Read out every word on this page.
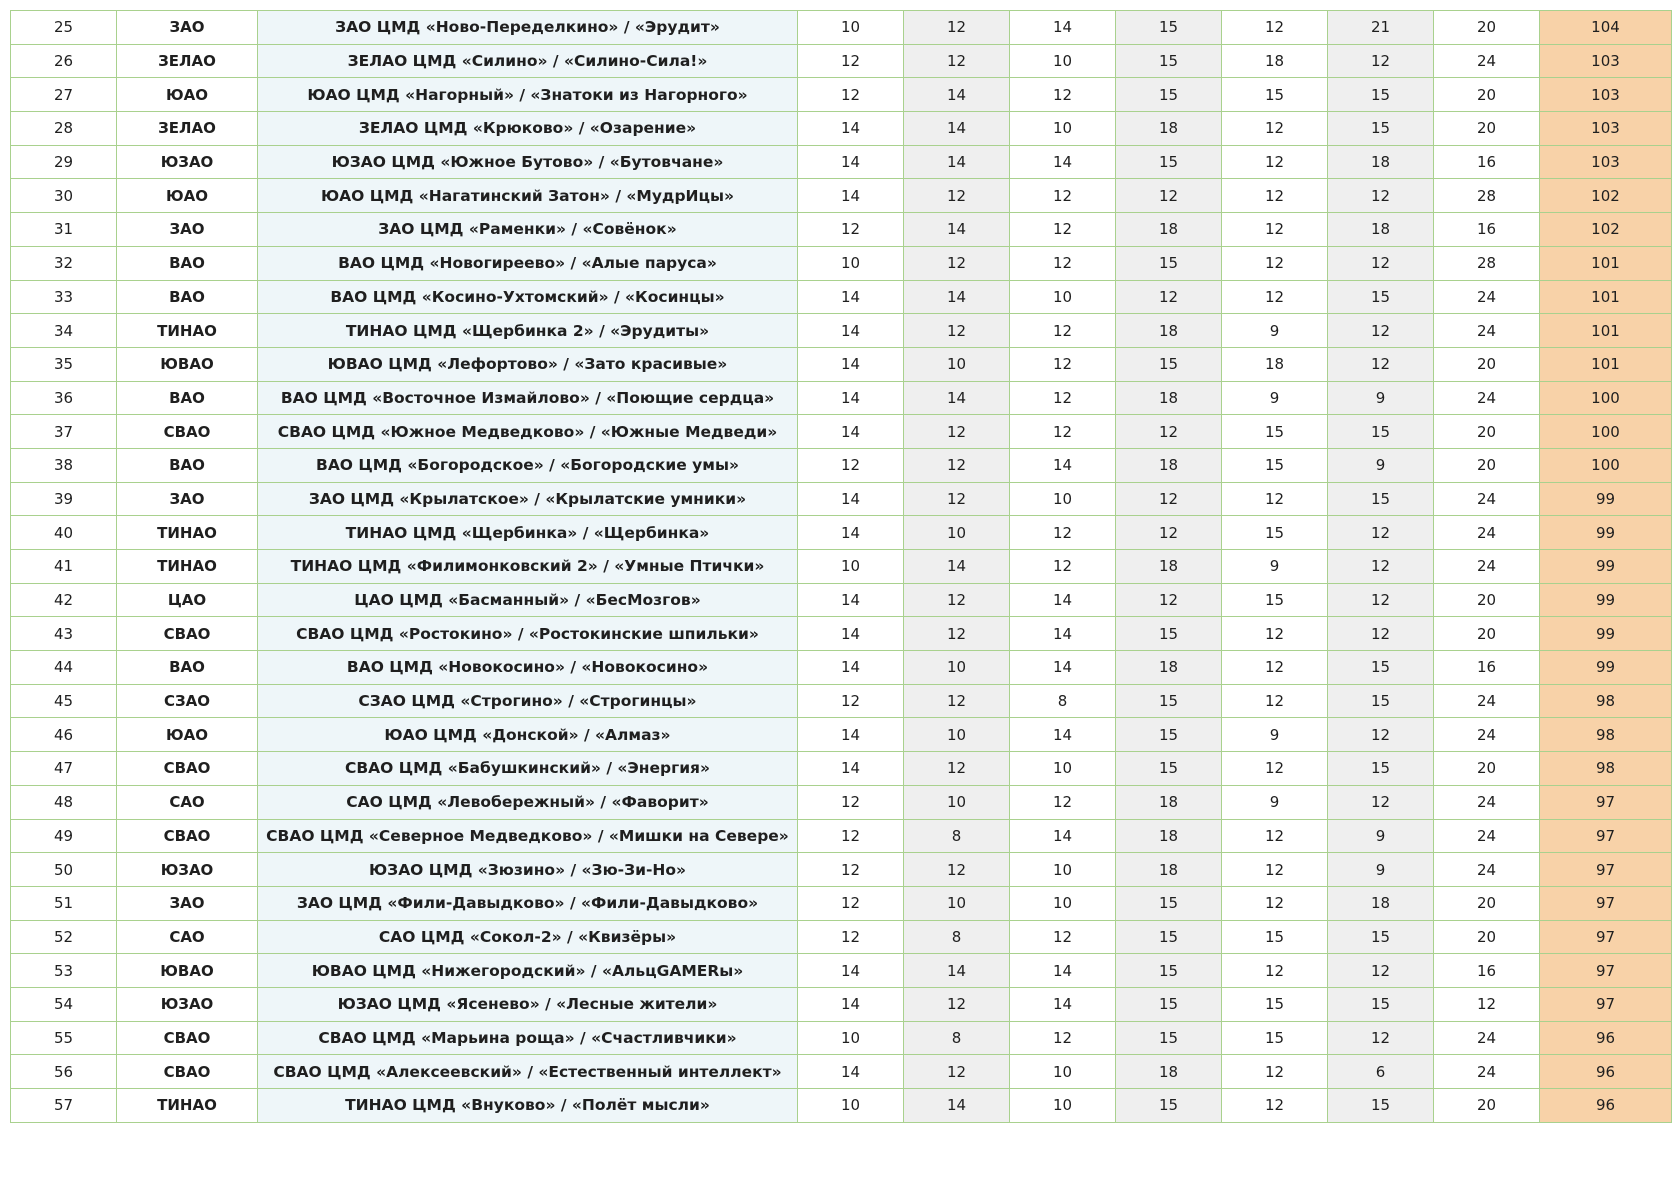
25	ЗАО	ЗАО ЦМД «Ново-Переделкино» / «Эрудит»	10	12	14	15	12	21	20	104
26	ЗЕЛАО	ЗЕЛАО ЦМД «Силино» / «Силино-Сила!»	12	12	10	15	18	12	24	103
27	ЮАО	ЮАО ЦМД «Нагорный» / «Знатоки из Нагорного»	12	14	12	15	15	15	20	103
28	ЗЕЛАО	ЗЕЛАО ЦМД «Крюково» / «Озарение»	14	14	10	18	12	15	20	103
29	ЮЗАО	ЮЗАО ЦМД «Южное Бутово» / «Бутовчане»	14	14	14	15	12	18	16	103
30	ЮАО	ЮАО ЦМД «Нагатинский Затон» / «МудрИцы»	14	12	12	12	12	12	28	102
31	ЗАО	ЗАО ЦМД «Раменки» / «Совёнок»	12	14	12	18	12	18	16	102
32	ВАО	ВАО ЦМД «Новогиреево» / «Алые паруса»	10	12	12	15	12	12	28	101
33	ВАО	ВАО ЦМД «Косино-Ухтомский» / «Косинцы»	14	14	10	12	12	15	24	101
34	ТИНАО	ТИНАО ЦМД «Щербинка 2» / «Эрудиты»	14	12	12	18	9	12	24	101
35	ЮВАО	ЮВАО ЦМД «Лефортово» / «Зато красивые»	14	10	12	15	18	12	20	101
36	ВАО	ВАО ЦМД «Восточное Измайлово» / «Поющие сердца»	14	14	12	18	9	9	24	100
37	СВАО	СВАО ЦМД «Южное Медведково» / «Южные Медведи»	14	12	12	12	15	15	20	100
38	ВАО	ВАО ЦМД «Богородское» / «Богородские умы»	12	12	14	18	15	9	20	100
39	ЗАО	ЗАО ЦМД «Крылатское» / «Крылатские умники»	14	12	10	12	12	15	24	99
40	ТИНАО	ТИНАО ЦМД «Щербинка» / «Щербинка»	14	10	12	12	15	12	24	99
41	ТИНАО	ТИНАО ЦМД «Филимонковский 2» / «Умные Птички»	10	14	12	18	9	12	24	99
42	ЦАО	ЦАО ЦМД «Басманный» / «БесМозгов»	14	12	14	12	15	12	20	99
43	СВАО	СВАО ЦМД «Ростокино» / «Ростокинские шпильки»	14	12	14	15	12	12	20	99
44	ВАО	ВАО ЦМД «Новокосино» / «Новокосино»	14	10	14	18	12	15	16	99
45	СЗАО	СЗАО ЦМД «Строгино» / «Строгинцы»	12	12	8	15	12	15	24	98
46	ЮАО	ЮАО ЦМД «Донской» / «Алмаз»	14	10	14	15	9	12	24	98
47	СВАО	СВАО ЦМД «Бабушкинский» / «Энергия»	14	12	10	15	12	15	20	98
48	САО	САО ЦМД «Левобережный» / «Фаворит»	12	10	12	18	9	12	24	97
49	СВАО	СВАО ЦМД «Северное Медведково» / «Мишки на Севере»	12	8	14	18	12	9	24	97
50	ЮЗАО	ЮЗАО ЦМД «Зюзино» / «Зю-Зи-Но»	12	12	10	18	12	9	24	97
51	ЗАО	ЗАО ЦМД «Фили-Давыдково» / «Фили-Давыдково»	12	10	10	15	12	18	20	97
52	САО	САО ЦМД «Сокол-2» / «Квизёры»	12	8	12	15	15	15	20	97
53	ЮВАО	ЮВАО ЦМД «Нижегородский» / «АльцGAMERы»	14	14	14	15	12	12	16	97
54	ЮЗАО	ЮЗАО ЦМД «Ясенево» / «Лесные жители»	14	12	14	15	15	15	12	97
55	СВАО	СВАО ЦМД «Марьина роща» / «Счастливчики»	10	8	12	15	15	12	24	96
56	СВАО	СВАО ЦМД «Алексеевский» / «Естественный интеллект»	14	12	10	18	12	6	24	96
57	ТИНАО	ТИНАО ЦМД «Внуково» / «Полёт мысли»	10	14	10	15	12	15	20	96
